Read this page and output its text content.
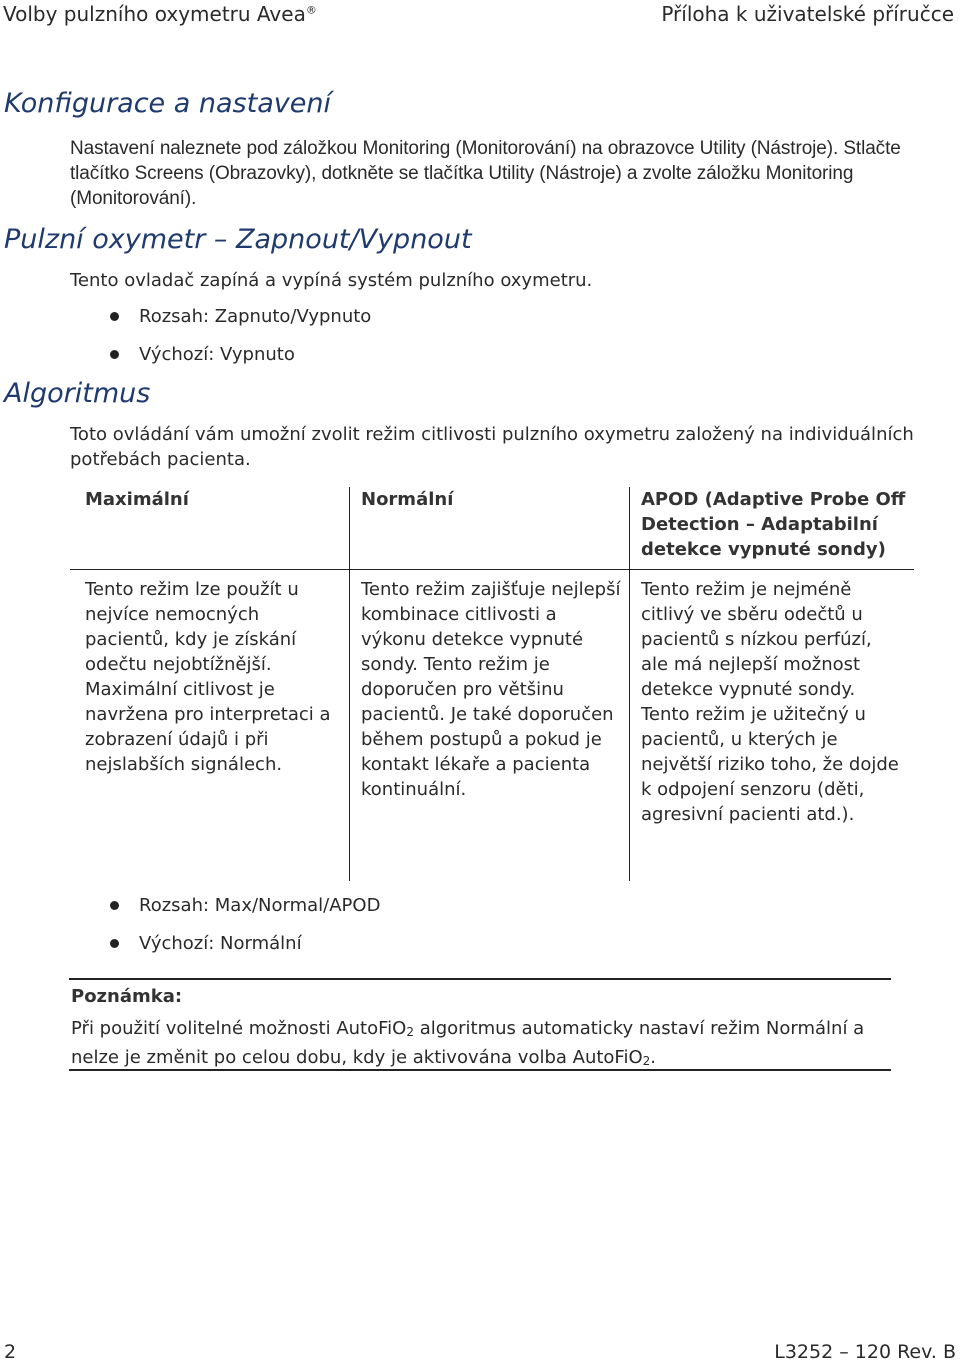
Volby pulzního oxymetru Avea®	Příloha k uživatelské příručce
Konfigurace a nastavení

Nastavení naleznete pod záložkou Monitoring (Monitorování) na obrazovce Utility (Nástroje). Stlačte tlačítko Screens (Obrazovky), dotkněte se tlačítka Utility (Nástroje) a zvolte záložku Monitoring (Monitorování).

Pulzní oxymetr – Zapnout/Vypnout

Tento ovladač zapíná a vypíná systém pulzního oxymetru.

Rozsah: Zapnuto/Vypnuto
Výchozí: Vypnuto
Algoritmus

Toto ovládání vám umožní zvolit režim citlivosti pulzního oxymetru založený na individuálních potřebách pacienta.

Maximální
Tento režim lze použít u nejvíce nemocných pacientů, kdy je získání odečtu nejobtížnější. Maximální citlivost je navržena pro interpretaci a zobrazení údajů i při nejslabších signálech.
Normální
Tento režim zajišťuje nejlepší kombinace citlivosti a výkonu detekce vypnuté sondy. Tento režim je doporučen pro většinu pacientů. Je také doporučen během postupů a pokud je kontakt lékaře a pacienta kontinuální.
APOD (Adaptive Probe Off Detection – Adaptabilní detekce vypnuté sondy)
Tento režim je nejméně citlivý ve sběru odečtů u pacientů s nízkou perfúzí, ale má nejlepší možnost detekce vypnuté sondy. Tento režim je užitečný u pacientů, u kterých je největší riziko toho, že dojde k odpojení senzoru (děti, agresivní pacienti atd.).
Rozsah: Max/Normal/APOD
Výchozí: Normální
Poznámka:

Při použití volitelné možnosti AutoFiO2 algoritmus automaticky nastaví režim Normální a nelze je změnit po celou dobu, kdy je aktivována volba AutoFiO2.

2	L3252 – 120 Rev. B
